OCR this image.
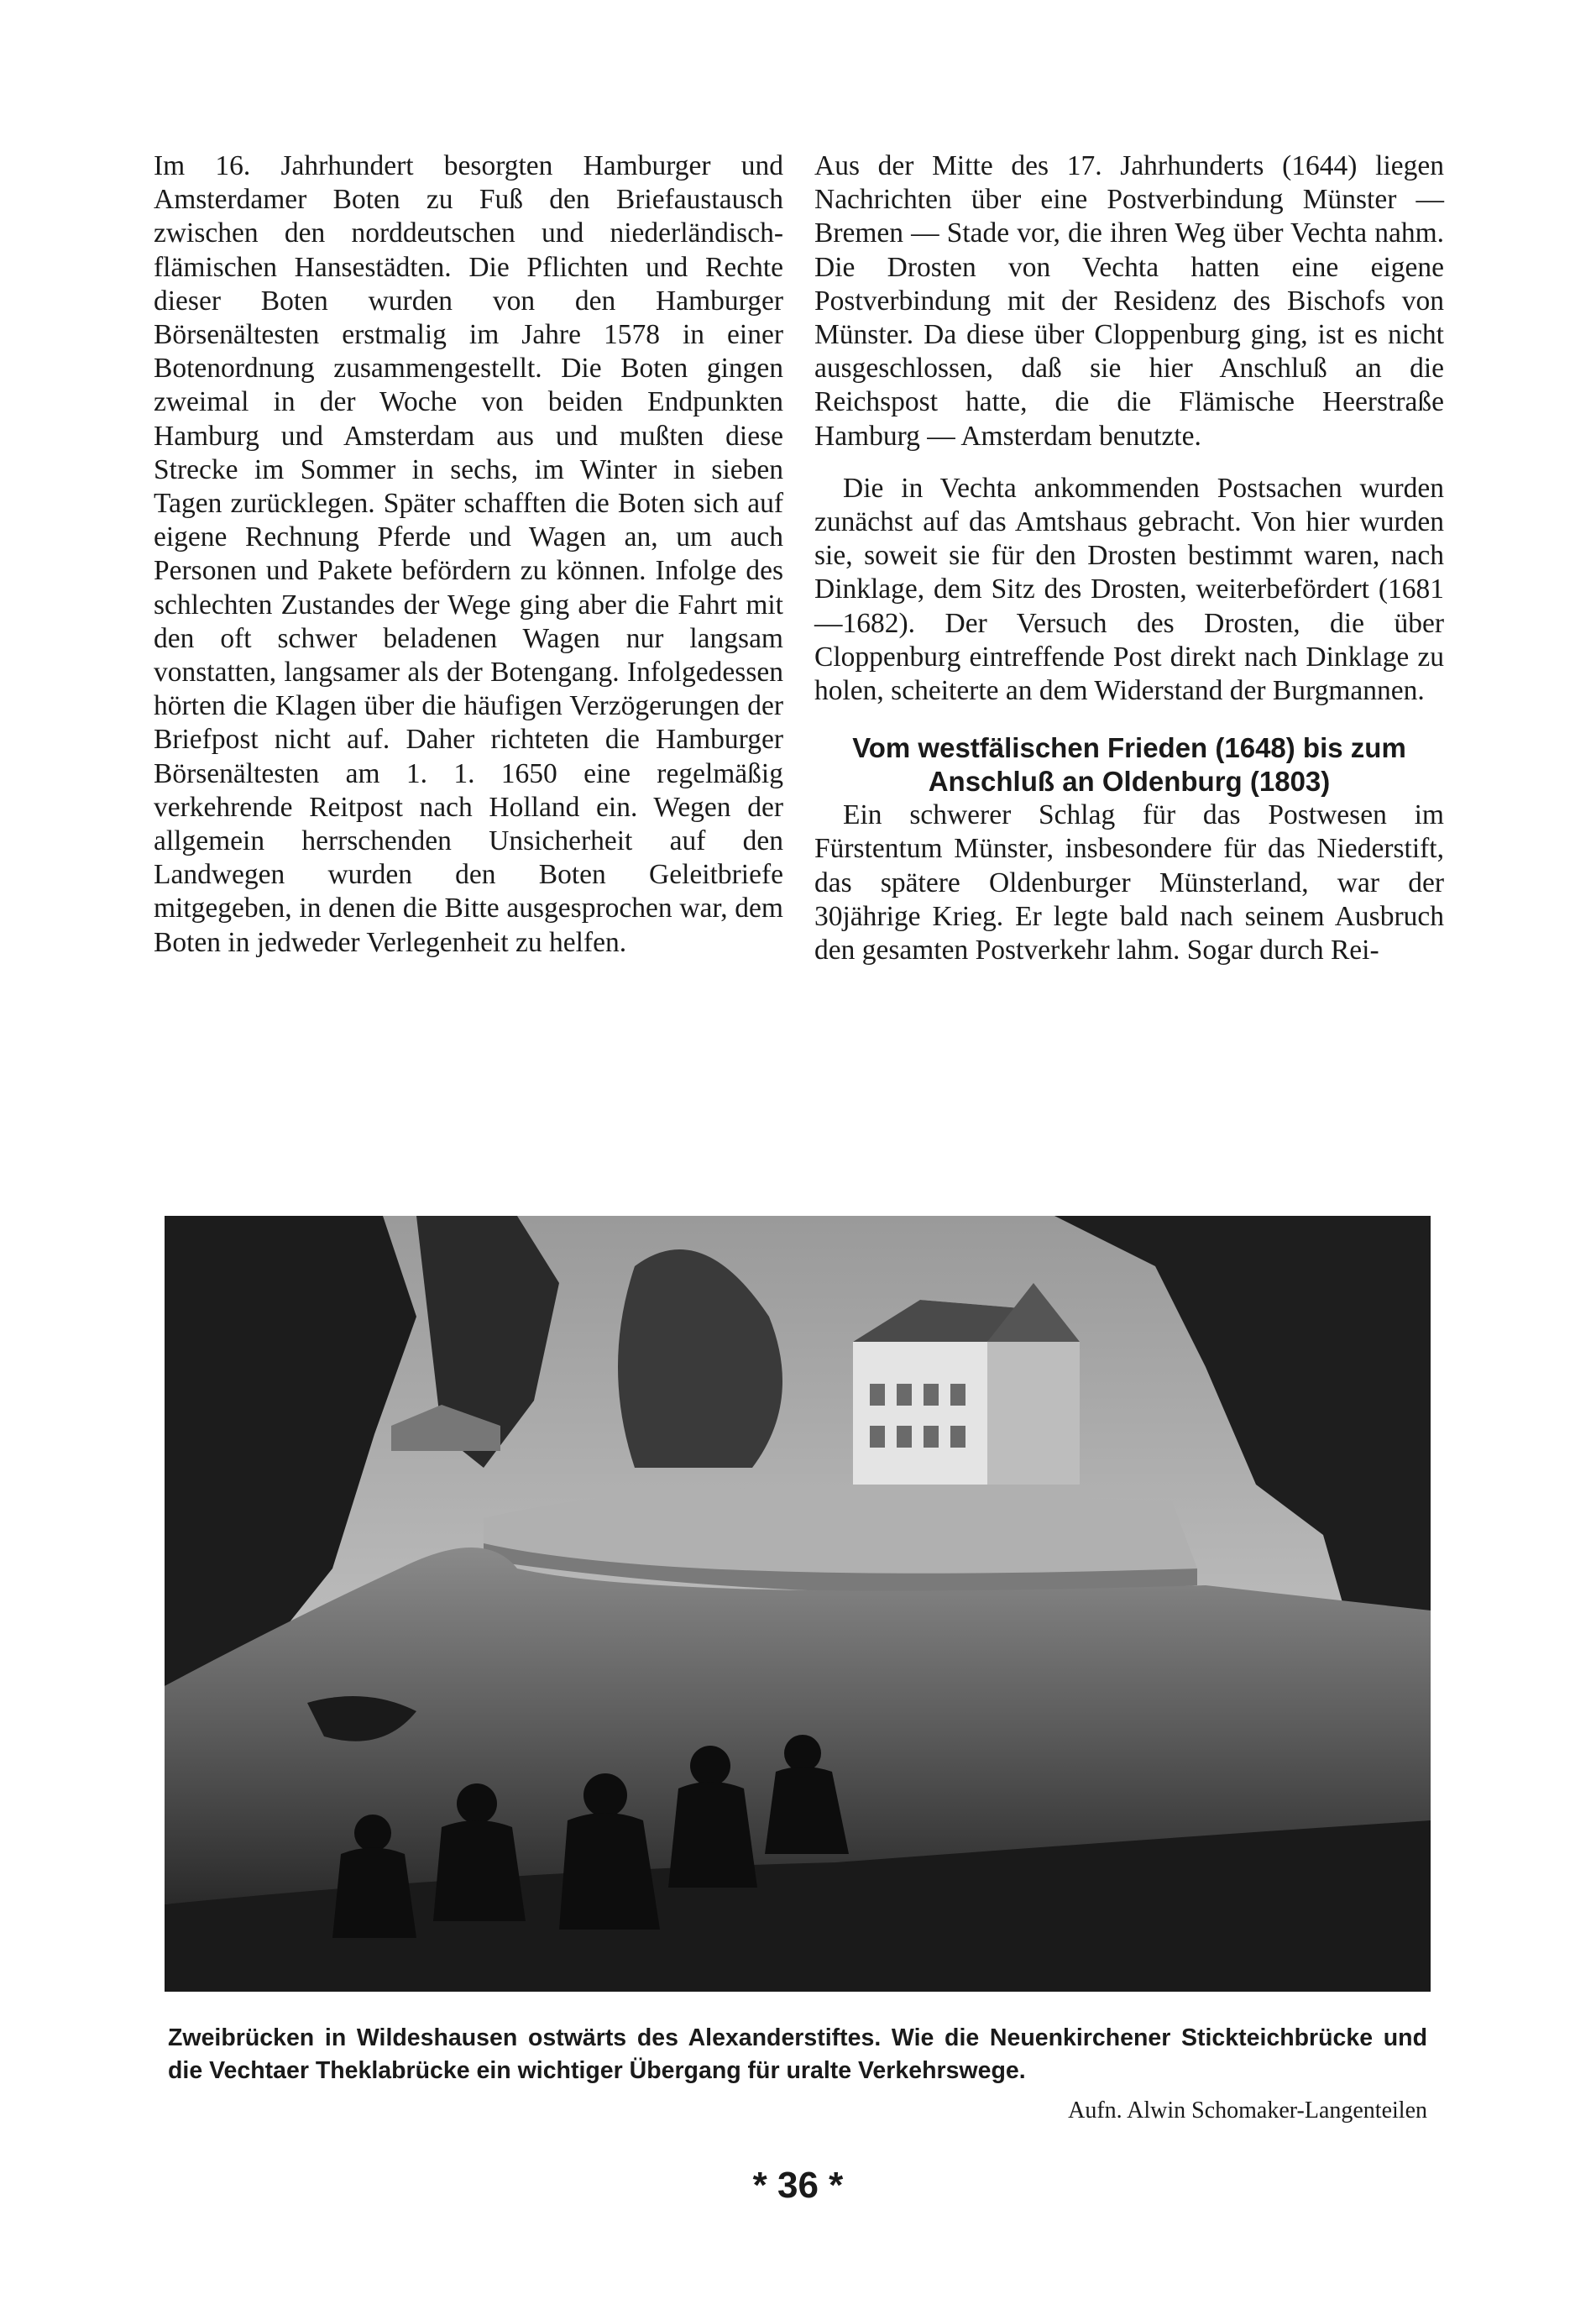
Im 16. Jahrhundert besorgten Hamburger und Amsterdamer Boten zu Fuß den Briefaustausch zwischen den norddeutschen und niederländisch-flämischen Hansestädten. Die Pflichten und Rechte dieser Boten wurden von den Hamburger Börsenältesten erstmalig im Jahre 1578 in einer Botenordnung zusammengestellt. Die Boten gingen zweimal in der Woche von beiden Endpunkten Hamburg und Amsterdam aus und mußten diese Strecke im Sommer in sechs, im Winter in sieben Tagen zurücklegen. Später schafften die Boten sich auf eigene Rechnung Pferde und Wagen an, um auch Personen und Pakete befördern zu können. Infolge des schlechten Zustandes der Wege ging aber die Fahrt mit den oft schwer beladenen Wagen nur langsam vonstatten, langsamer als der Botengang. Infolgedessen hörten die Klagen über die häufigen Verzögerungen der Briefpost nicht auf. Daher richteten die Hamburger Börsenältesten am 1. 1. 1650 eine regelmäßig verkehrende Reitpost nach Holland ein. Wegen der allgemein herrschenden Unsicherheit auf den Landwegen wurden den Boten Geleitbriefe mitgegeben, in denen die Bitte ausgesprochen war, dem Boten in jedweder Verlegenheit zu helfen.

Aus der Mitte des 17. Jahrhunderts (1644) liegen Nachrichten über eine Postverbindung Münster — Bremen — Stade vor, die ihren Weg über Vechta nahm. Die Drosten von Vechta hatten eine eigene Postverbindung mit der Residenz des Bischofs von Münster. Da diese über Cloppenburg ging, ist es nicht ausgeschlossen, daß sie hier Anschluß an die Reichspost hatte, die die Flämische Heerstraße Hamburg — Amsterdam benutzte.

Die in Vechta ankommenden Postsachen wurden zunächst auf das Amtshaus gebracht. Von hier wurden sie, soweit sie für den Drosten bestimmt waren, nach Dinklage, dem Sitz des Drosten, weiterbefördert (1681—1682). Der Versuch des Drosten, die über Cloppenburg eintreffende Post direkt nach Dinklage zu holen, scheiterte an dem Widerstand der Burgmannen.

Vom westfälischen Frieden (1648) bis zum Anschluß an Oldenburg (1803)

Ein schwerer Schlag für das Postwesen im Fürstentum Münster, insbesondere für das Niederstift, das spätere Oldenburger Münsterland, war der 30jährige Krieg. Er legte bald nach seinem Ausbruch den gesamten Postverkehr lahm. Sogar durch Rei-

Zweibrücken in Wildeshausen ostwärts des Alexanderstiftes. Wie die Neuenkirchener Stickteichbrücke und die Vechtaer Theklabrücke ein wichtiger Übergang für uralte Verkehrswege.
Aufn. Alwin Schomaker-Langenteilen
* 36 *
